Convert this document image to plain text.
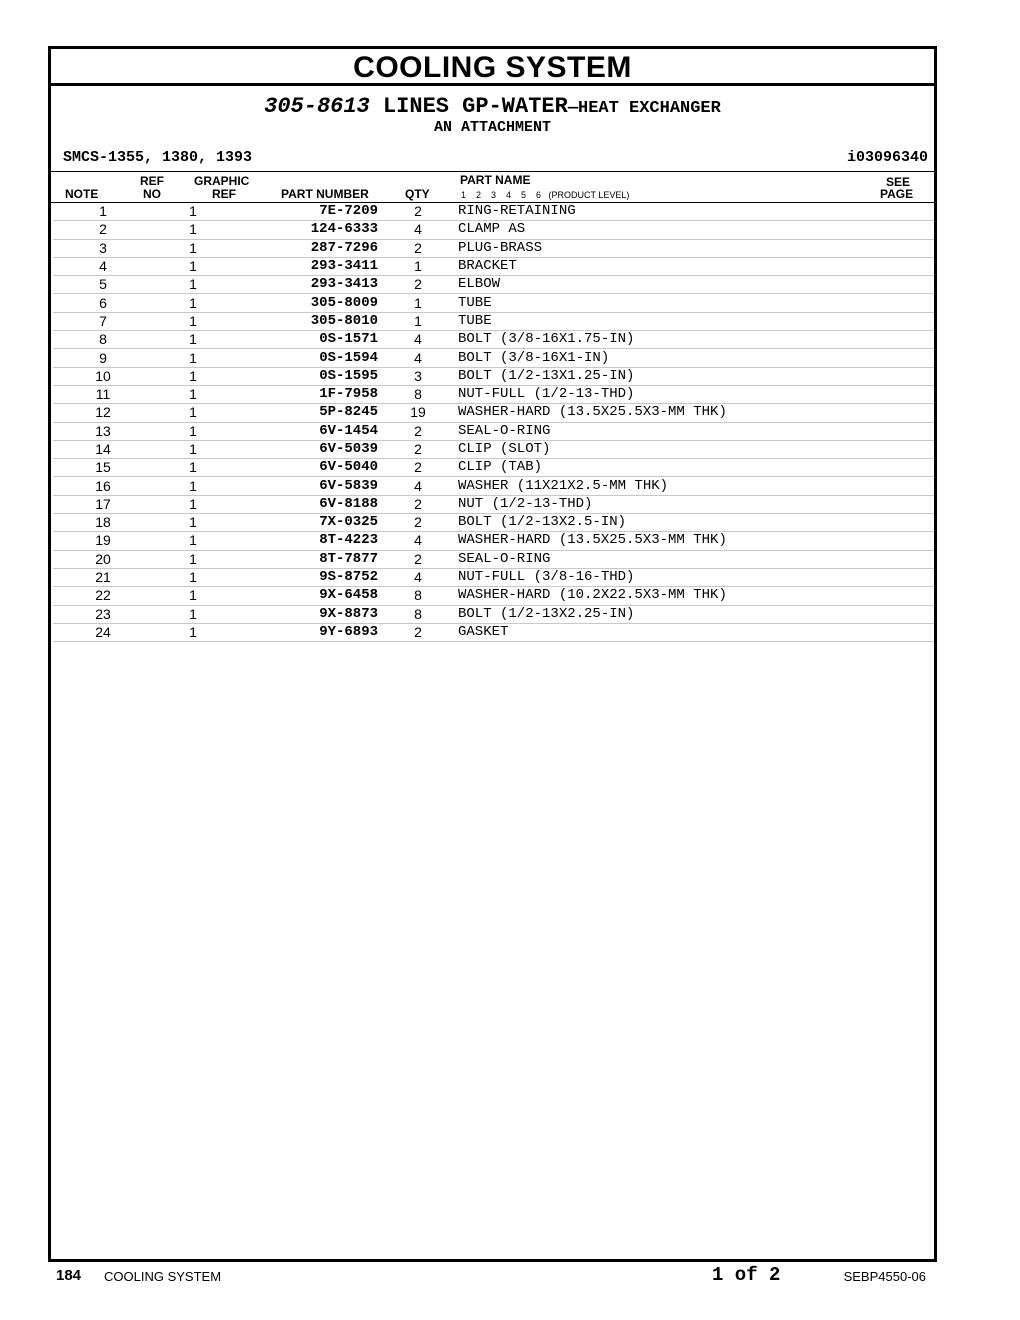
COOLING SYSTEM
305-8613 LINES GP-WATER—HEAT EXCHANGER
AN ATTACHMENT
SMCS-1355, 1380, 1393	i03096340
NOTE
REF
NO
GRAPHIC
REF	PART NUMBER	QTY
PART NAME
1    2    3    4    5    6   (PRODUCT LEVEL)
SEE
PAGE
1	1	7E-7209	2	RING-RETAINING
2	1	124-6333	4	CLAMP AS
3	1	287-7296	2	PLUG-BRASS
4	1	293-3411	1	BRACKET
5	1	293-3413	2	ELBOW
6	1	305-8009	1	TUBE
7	1	305-8010	1	TUBE
8	1	0S-1571	4	BOLT (3/8-16X1.75-IN)
9	1	0S-1594	4	BOLT (3/8-16X1-IN)
10	1	0S-1595	3	BOLT (1/2-13X1.25-IN)
11	1	1F-7958	8	NUT-FULL (1/2-13-THD)
12	1	5P-8245	19	WASHER-HARD (13.5X25.5X3-MM THK)
13	1	6V-1454	2	SEAL-O-RING
14	1	6V-5039	2	CLIP (SLOT)
15	1	6V-5040	2	CLIP (TAB)
16	1	6V-5839	4	WASHER (11X21X2.5-MM THK)
17	1	6V-8188	2	NUT (1/2-13-THD)
18	1	7X-0325	2	BOLT (1/2-13X2.5-IN)
19	1	8T-4223	4	WASHER-HARD (13.5X25.5X3-MM THK)
20	1	8T-7877	2	SEAL-O-RING
21	1	9S-8752	4	NUT-FULL (3/8-16-THD)
22	1	9X-6458	8	WASHER-HARD (10.2X22.5X3-MM THK)
23	1	9X-8873	8	BOLT (1/2-13X2.25-IN)
24	1	9Y-6893	2	GASKET
184 COOLING SYSTEM	1 of 2	SEBP4550-06
